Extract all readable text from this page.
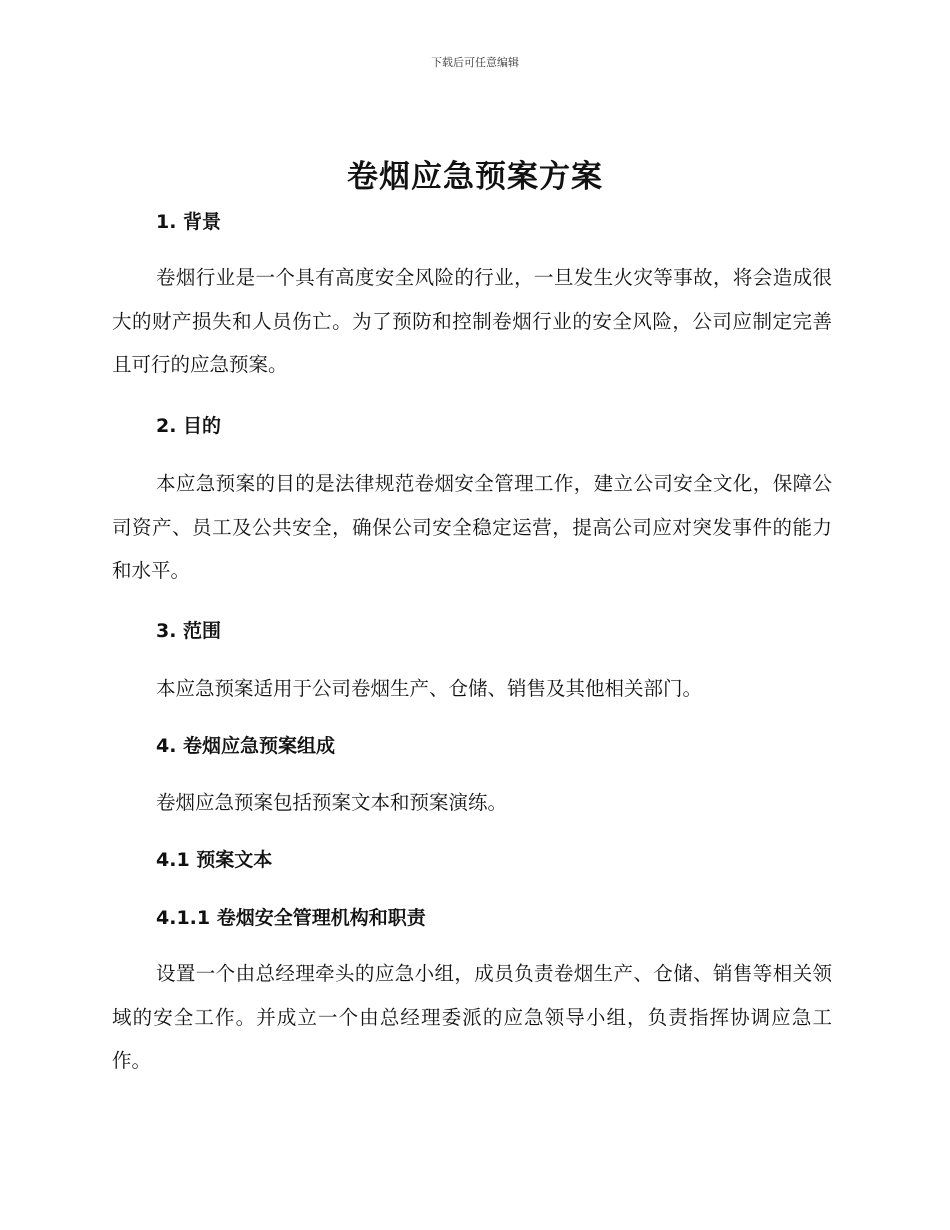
下载后可任意编辑
卷烟应急预案方案
1. 背景

卷烟行业是一个具有高度安全风险的行业，一旦发生火灾等事故，将会造成很大的财产损失和人员伤亡。为了预防和控制卷烟行业的安全风险，公司应制定完善且可行的应急预案。

2. 目的

本应急预案的目的是法律规范卷烟安全管理工作，建立公司安全文化，保障公司资产、员工及公共安全，确保公司安全稳定运营，提高公司应对突发事件的能力和水平。

3. 范围

本应急预案适用于公司卷烟生产、仓储、销售及其他相关部门。

4. 卷烟应急预案组成

卷烟应急预案包括预案文本和预案演练。

4.1 预案文本
4.1.1 卷烟安全管理机构和职责

设置一个由总经理牵头的应急小组，成员负责卷烟生产、仓储、销售等相关领域的安全工作。并成立一个由总经理委派的应急领导小组，负责指挥协调应急工作。
